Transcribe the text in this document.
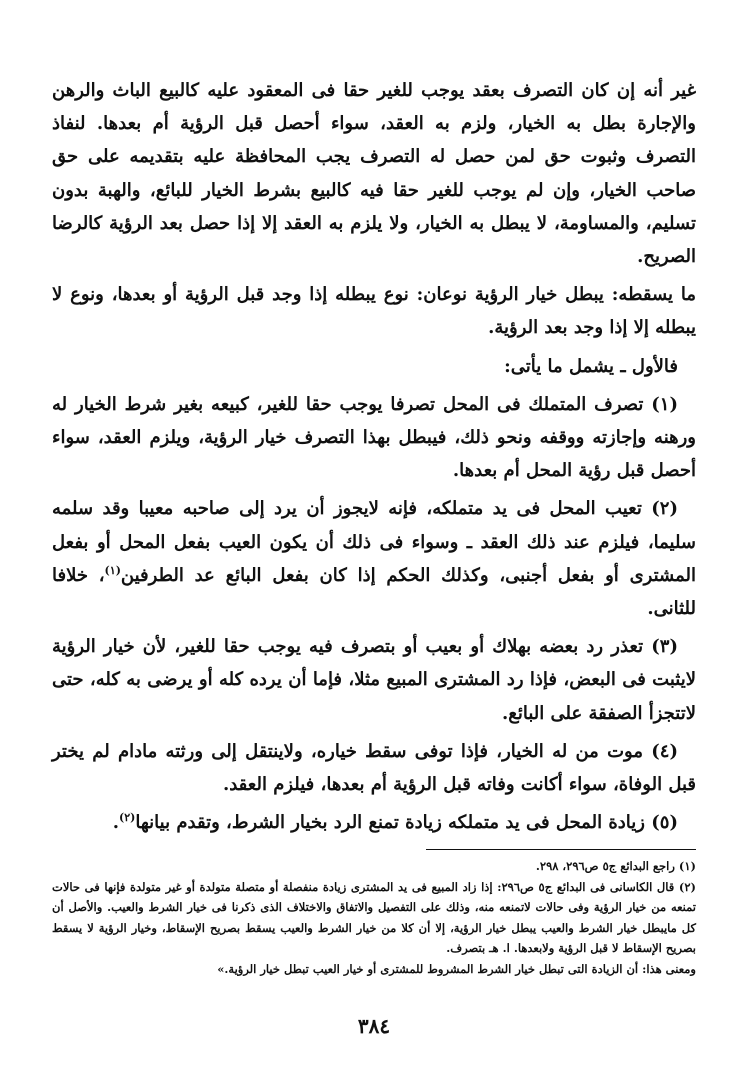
غير أنه إن كان التصرف بعقد يوجب للغير حقا فى المعقود عليه كالبيع الباث والرهن والإجارة بطل به الخيار، ولزم به العقد، سواء أحصل قبل الرؤية أم بعدها. لنفاذ التصرف وثبوت حق لمن حصل له التصرف يجب المحافظة عليه بتقديمه على حق صاحب الخيار، وإن لم يوجب للغير حقا فيه كالبيع بشرط الخيار للبائع، والهبة بدون تسليم، والمساومة، لا يبطل به الخيار، ولا يلزم به العقد إلا إذا حصل بعد الرؤية كالرضا الصريح.

ما يسقطه: يبطل خيار الرؤية نوعان: نوع يبطله إذا وجد قبل الرؤية أو بعدها، ونوع لا يبطله إلا إذا وجد بعد الرؤية.

فالأول ـ يشمل ما يأتى:

(١) تصرف المتملك فى المحل تصرفا يوجب حقا للغير، كبيعه بغير شرط الخيار له ورهنه وإجازته ووقفه ونحو ذلك، فيبطل بهذا التصرف خيار الرؤية، ويلزم العقد، سواء أحصل قبل رؤية المحل أم بعدها.

(٢) تعيب المحل فى يد متملكه، فإنه لايجوز أن يرد إلى صاحبه معيبا وقد سلمه سليما، فيلزم عند ذلك العقد ـ وسواء فى ذلك أن يكون العيب بفعل المحل أو بفعل المشترى أو بفعل أجنبى، وكذلك الحكم إذا كان بفعل البائع عد الطرفين$^{(١)}$، خلافا للثانى.

(٣) تعذر رد بعضه بهلاك أو بعيب أو بتصرف فيه يوجب حقا للغير، لأن خيار الرؤية لايثبت فى البعض، فإذا رد المشترى المبيع مثلا، فإما أن يرده كله أو يرضى به كله، حتى لاتتجزأ الصفقة على البائع.

(٤) موت من له الخيار، فإذا توفى سقط خياره، ولاينتقل إلى ورثته مادام لم يختر قبل الوفاة، سواء أكانت وفاته قبل الرؤية أم بعدها، فيلزم العقد.

(٥) زيادة المحل فى يد متملكه زيادة تمنع الرد بخيار الشرط، وتقدم بيانها$^{(٢)}$.

(١) راجع البدائع ج٥ ص٢٩٦، ٢٩٨.

(٢) قال الكاسانى فى البدائع ج٥ ص٢٩٦: إذا زاد المبيع فى يد المشترى زيادة منفصلة أو متصلة متولدة أو غير متولدة فإنها فى حالات تمنعه من خيار الرؤية وفى حالات لاتمنعه منه، وذلك على التفصيل والاتفاق والاختلاف الذى ذكرنا فى خيار الشرط والعيب. والأصل أن كل مايبطل خيار الشرط والعيب يبطل خيار الرؤية، إلا أن كلا من خيار الشرط والعيب يسقط بصريح الإسقاط، وخيار الرؤية لا يسقط بصريح الإسقاط لا قبل الرؤية ولابعدها. ا. هـ بتصرف.

ومعنى هذا: أن الزيادة التى تبطل خيار الشرط المشروط للمشترى أو خيار العيب تبطل خيار الرؤية.»

٣٨٤
